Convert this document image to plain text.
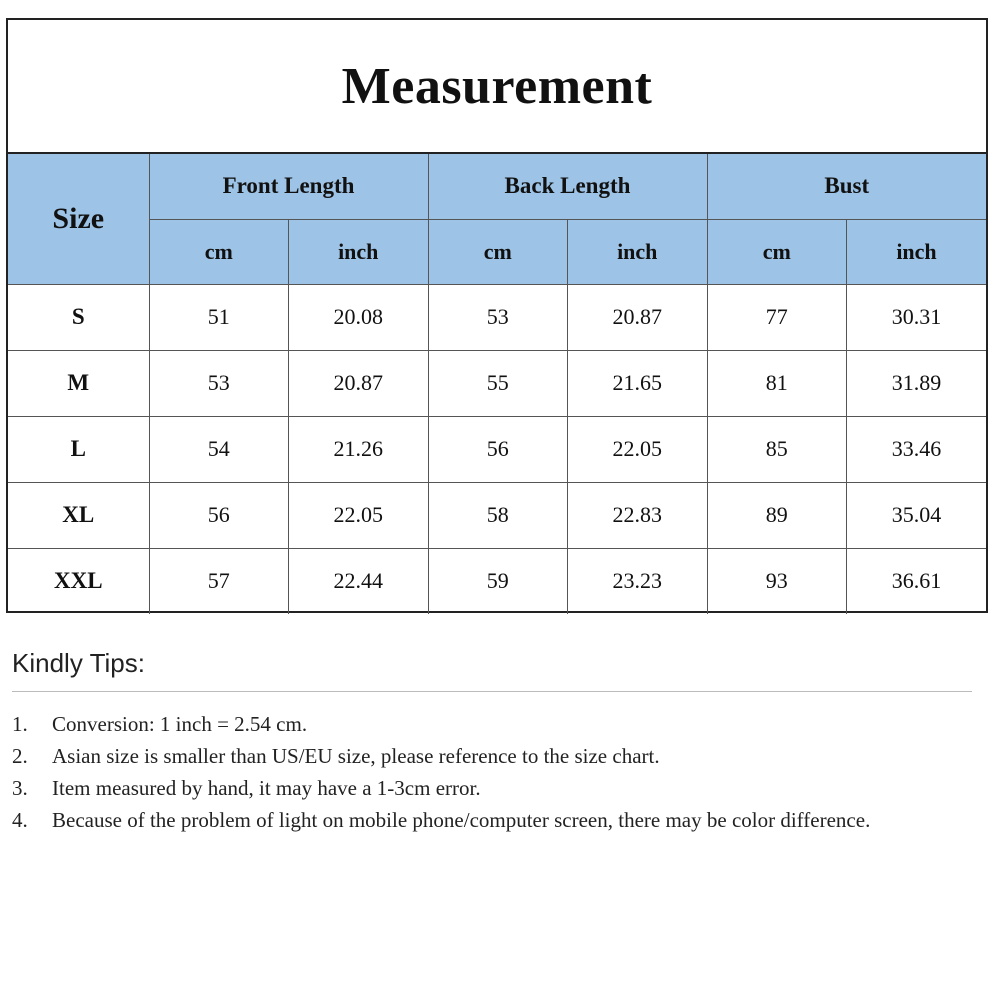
Measurement
Size	Front Length		Back Length		Bust	
	cm	inch	cm	inch	cm	inch
S	51	20.08	53	20.87	77	30.31
M	53	20.87	55	21.65	81	31.89
L	54	21.26	56	22.05	85	33.46
XL	56	22.05	58	22.83	89	35.04
XXL	57	22.44	59	23.23	93	36.61
Kindly Tips:
1.	Conversion: 1 inch = 2.54 cm.
2.	Asian size is smaller than US/EU size, please reference to the size chart.
3.	Item measured by hand, it may have a 1-3cm error.
4.	Because of the problem of light on mobile phone/computer screen, there may be color difference.
